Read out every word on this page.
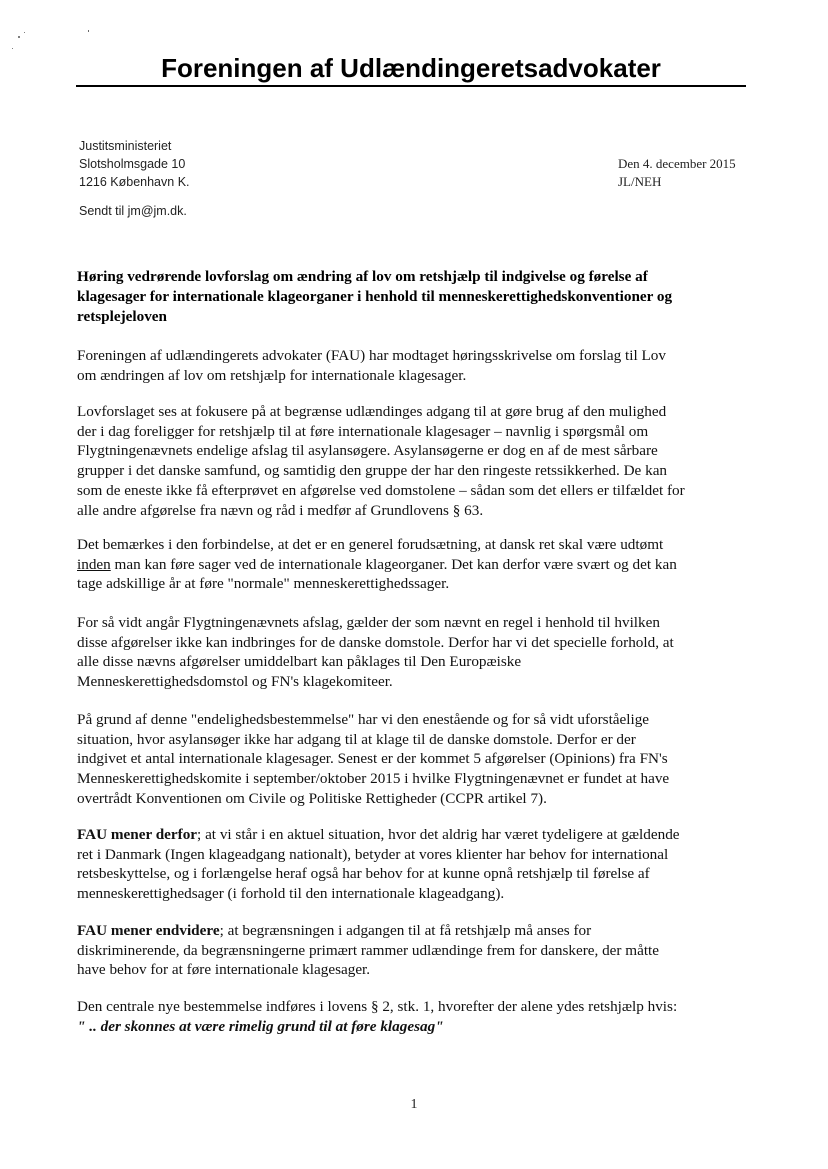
Foreningen af Udlændingeretsadvokater
Justitsministeriet
Slotsholmsgade 10
1216 København K.
Den 4. december 2015
JL/NEH
Sendt til jm@jm.dk.
Høring vedrørende lovforslag om ændring af lov om retshjælp til indgivelse og førelse af
klagesager for internationale klageorganer i henhold til menneskerettighedskonventioner og
retsplejeloven
Foreningen af udlændingerets advokater (FAU) har modtaget høringsskrivelse om forslag til Lov
om ændringen af lov om retshjælp for internationale klagesager.
Lovforslaget ses at fokusere på at begrænse udlændinges adgang til at gøre brug af den mulighed
der i dag foreligger for retshjælp til at føre internationale klagesager – navnlig i spørgsmål om
Flygtningenævnets endelige afslag til asylansøgere. Asylansøgerne er dog en af de mest sårbare
grupper i det danske samfund, og samtidig den gruppe der har den ringeste retssikkerhed. De kan
som de eneste ikke få efterprøvet en afgørelse ved domstolene – sådan som det ellers er tilfældet for
alle andre afgørelse fra nævn og råd i medfør af Grundlovens § 63.
Det bemærkes i den forbindelse, at det er en generel forudsætning, at dansk ret skal være udtømt
inden man kan føre sager ved de internationale klageorganer. Det kan derfor være svært og det kan
tage adskillige år at føre "normale" menneskerettighedssager.
For så vidt angår Flygtningenævnets afslag, gælder der som nævnt en regel i henhold til hvilken
disse afgørelser ikke kan indbringes for de danske domstole. Derfor har vi det specielle forhold, at
alle disse nævns afgørelser umiddelbart kan påklages til Den Europæiske
Menneskerettighedsdomstol og FN's klagekomiteer.
På grund af denne "endelighedsbestemmelse" har vi den enestående og for så vidt uforståelige
situation, hvor asylansøger ikke har adgang til at klage til de danske domstole. Derfor er der
indgivet et antal internationale klagesager. Senest er der kommet 5 afgørelser (Opinions) fra FN's
Menneskerettighedskomite i september/oktober 2015 i hvilke Flygtningenævnet er fundet at have
overtrådt Konventionen om Civile og Politiske Rettigheder (CCPR artikel 7).
FAU mener derfor; at vi står i en aktuel situation, hvor det aldrig har været tydeligere at gældende
ret i Danmark (Ingen klageadgang nationalt), betyder at vores klienter har behov for international
retsbeskyttelse, og i forlængelse heraf også har behov for at kunne opnå retshjælp til førelse af
menneskerettighedsager (i forhold til den internationale klageadgang).
FAU mener endvidere; at begrænsningen i adgangen til at få retshjælp må anses for
diskriminerende, da begrænsningerne primært rammer udlændinge frem for danskere, der måtte
have behov for at føre internationale klagesager.
Den centrale nye bestemmelse indføres i lovens § 2, stk. 1, hvorefter der alene ydes retshjælp hvis:
" .. der skonnes at være rimelig grund til at føre klagesag"
1
